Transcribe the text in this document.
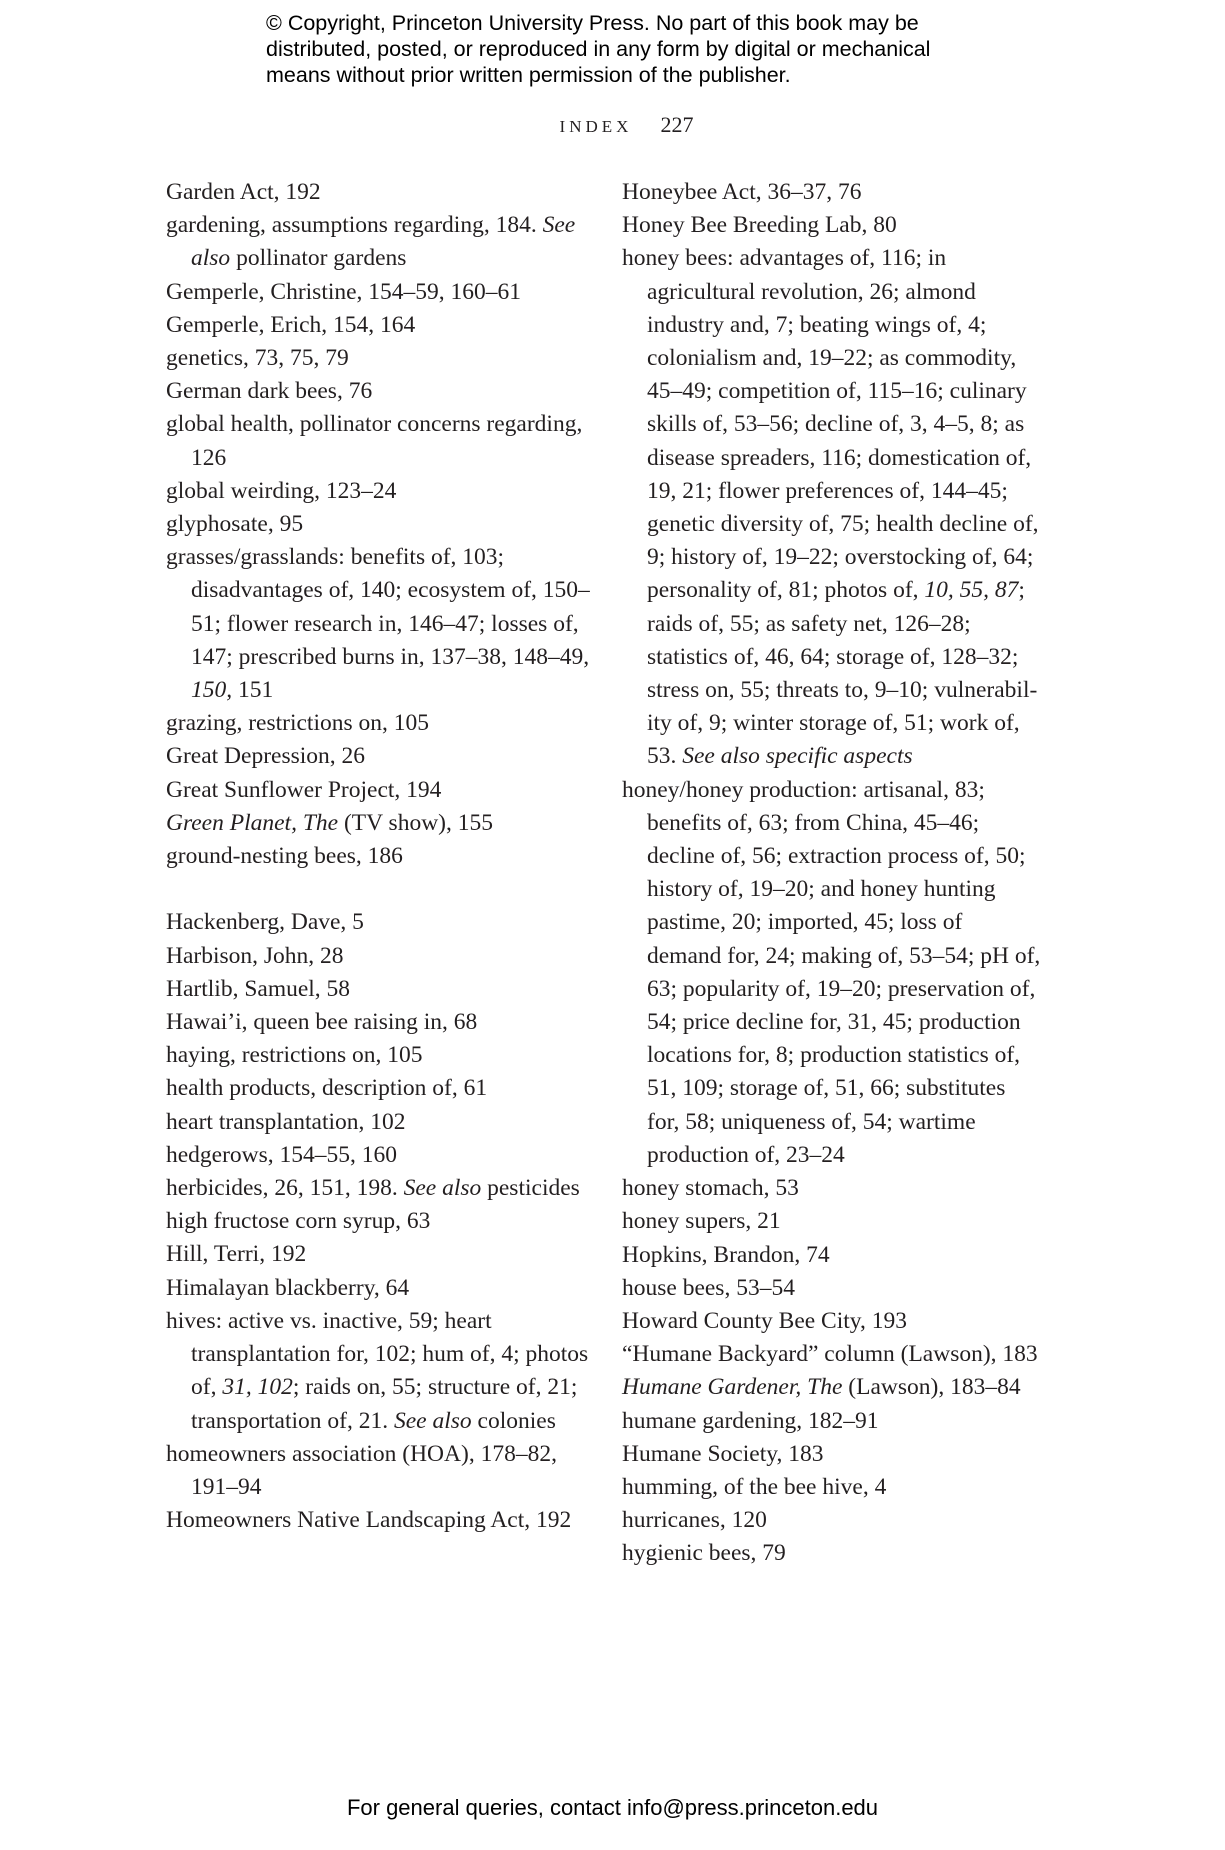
© Copyright, Princeton University Press. No part of this book may be
distributed, posted, or reproduced in any form by digital or mechanical
means without prior written permission of the publisher.
INDEX 227
Garden Act, 192
gardening, assumptions regarding, 184. See also pollinator gardens
Gemperle, Christine, 154–59, 160–61
Gemperle, Erich, 154, 164
genetics, 73, 75, 79
German dark bees, 76
global health, pollinator concerns regarding, 126
global weirding, 123–24
glyphosate, 95
grasses/grasslands: benefits of, 103; disadvantages of, 140; ecosystem of, 150–51; flower research in, 146–47; losses of, 147; prescribed burns in, 137–38, 148–49, 150, 151
grazing, restrictions on, 105
Great Depression, 26
Great Sunflower Project, 194
Green Planet, The (TV show), 155
ground-nesting bees, 186
Hackenberg, Dave, 5
Harbison, John, 28
Hartlib, Samuel, 58
Hawai’i, queen bee raising in, 68
haying, restrictions on, 105
health products, description of, 61
heart transplantation, 102
hedgerows, 154–55, 160
herbicides, 26, 151, 198. See also pesticides
high fructose corn syrup, 63
Hill, Terri, 192
Himalayan blackberry, 64
hives: active vs. inactive, 59; heart transplantation for, 102; hum of, 4; photos of, 31, 102; raids on, 55; structure of, 21; transportation of, 21. See also colonies
homeowners association (HOA), 178–82, 191–94
Homeowners Native Landscaping Act, 192
Honeybee Act, 36–37, 76
Honey Bee Breeding Lab, 80
honey bees: advantages of, 116; in agricultural revolution, 26; almond industry and, 7; beating wings of, 4; colonialism and, 19–22; as commodity, 45–49; competition of, 115–16; culinary skills of, 53–56; decline of, 3, 4–5, 8; as disease spreaders, 116; domestication of, 19, 21; flower preferences of, 144–45; genetic diversity of, 75; health decline of, 9; history of, 19–22; overstocking of, 64; personality of, 81; photos of, 10, 55, 87; raids of, 55; as safety net, 126–28; statistics of, 46, 64; storage of, 128–32; stress on, 55; threats to, 9–10; vulnerabil-ity of, 9; winter storage of, 51; work of, 53. See also specific aspects
honey/honey production: artisanal, 83; benefits of, 63; from China, 45–46; decline of, 56; extraction process of, 50; history of, 19–20; and honey hunting pastime, 20; imported, 45; loss of demand for, 24; making of, 53–54; pH of, 63; popularity of, 19–20; preservation of, 54; price decline for, 31, 45; production locations for, 8; production statistics of, 51, 109; storage of, 51, 66; substitutes for, 58; uniqueness of, 54; wartime production of, 23–24
honey stomach, 53
honey supers, 21
Hopkins, Brandon, 74
house bees, 53–54
Howard County Bee City, 193
“Humane Backyard” column (Lawson), 183
Humane Gardener, The (Lawson), 183–84
humane gardening, 182–91
Humane Society, 183
humming, of the bee hive, 4
hurricanes, 120
hygienic bees, 79
For general queries, contact info@press.princeton.edu
